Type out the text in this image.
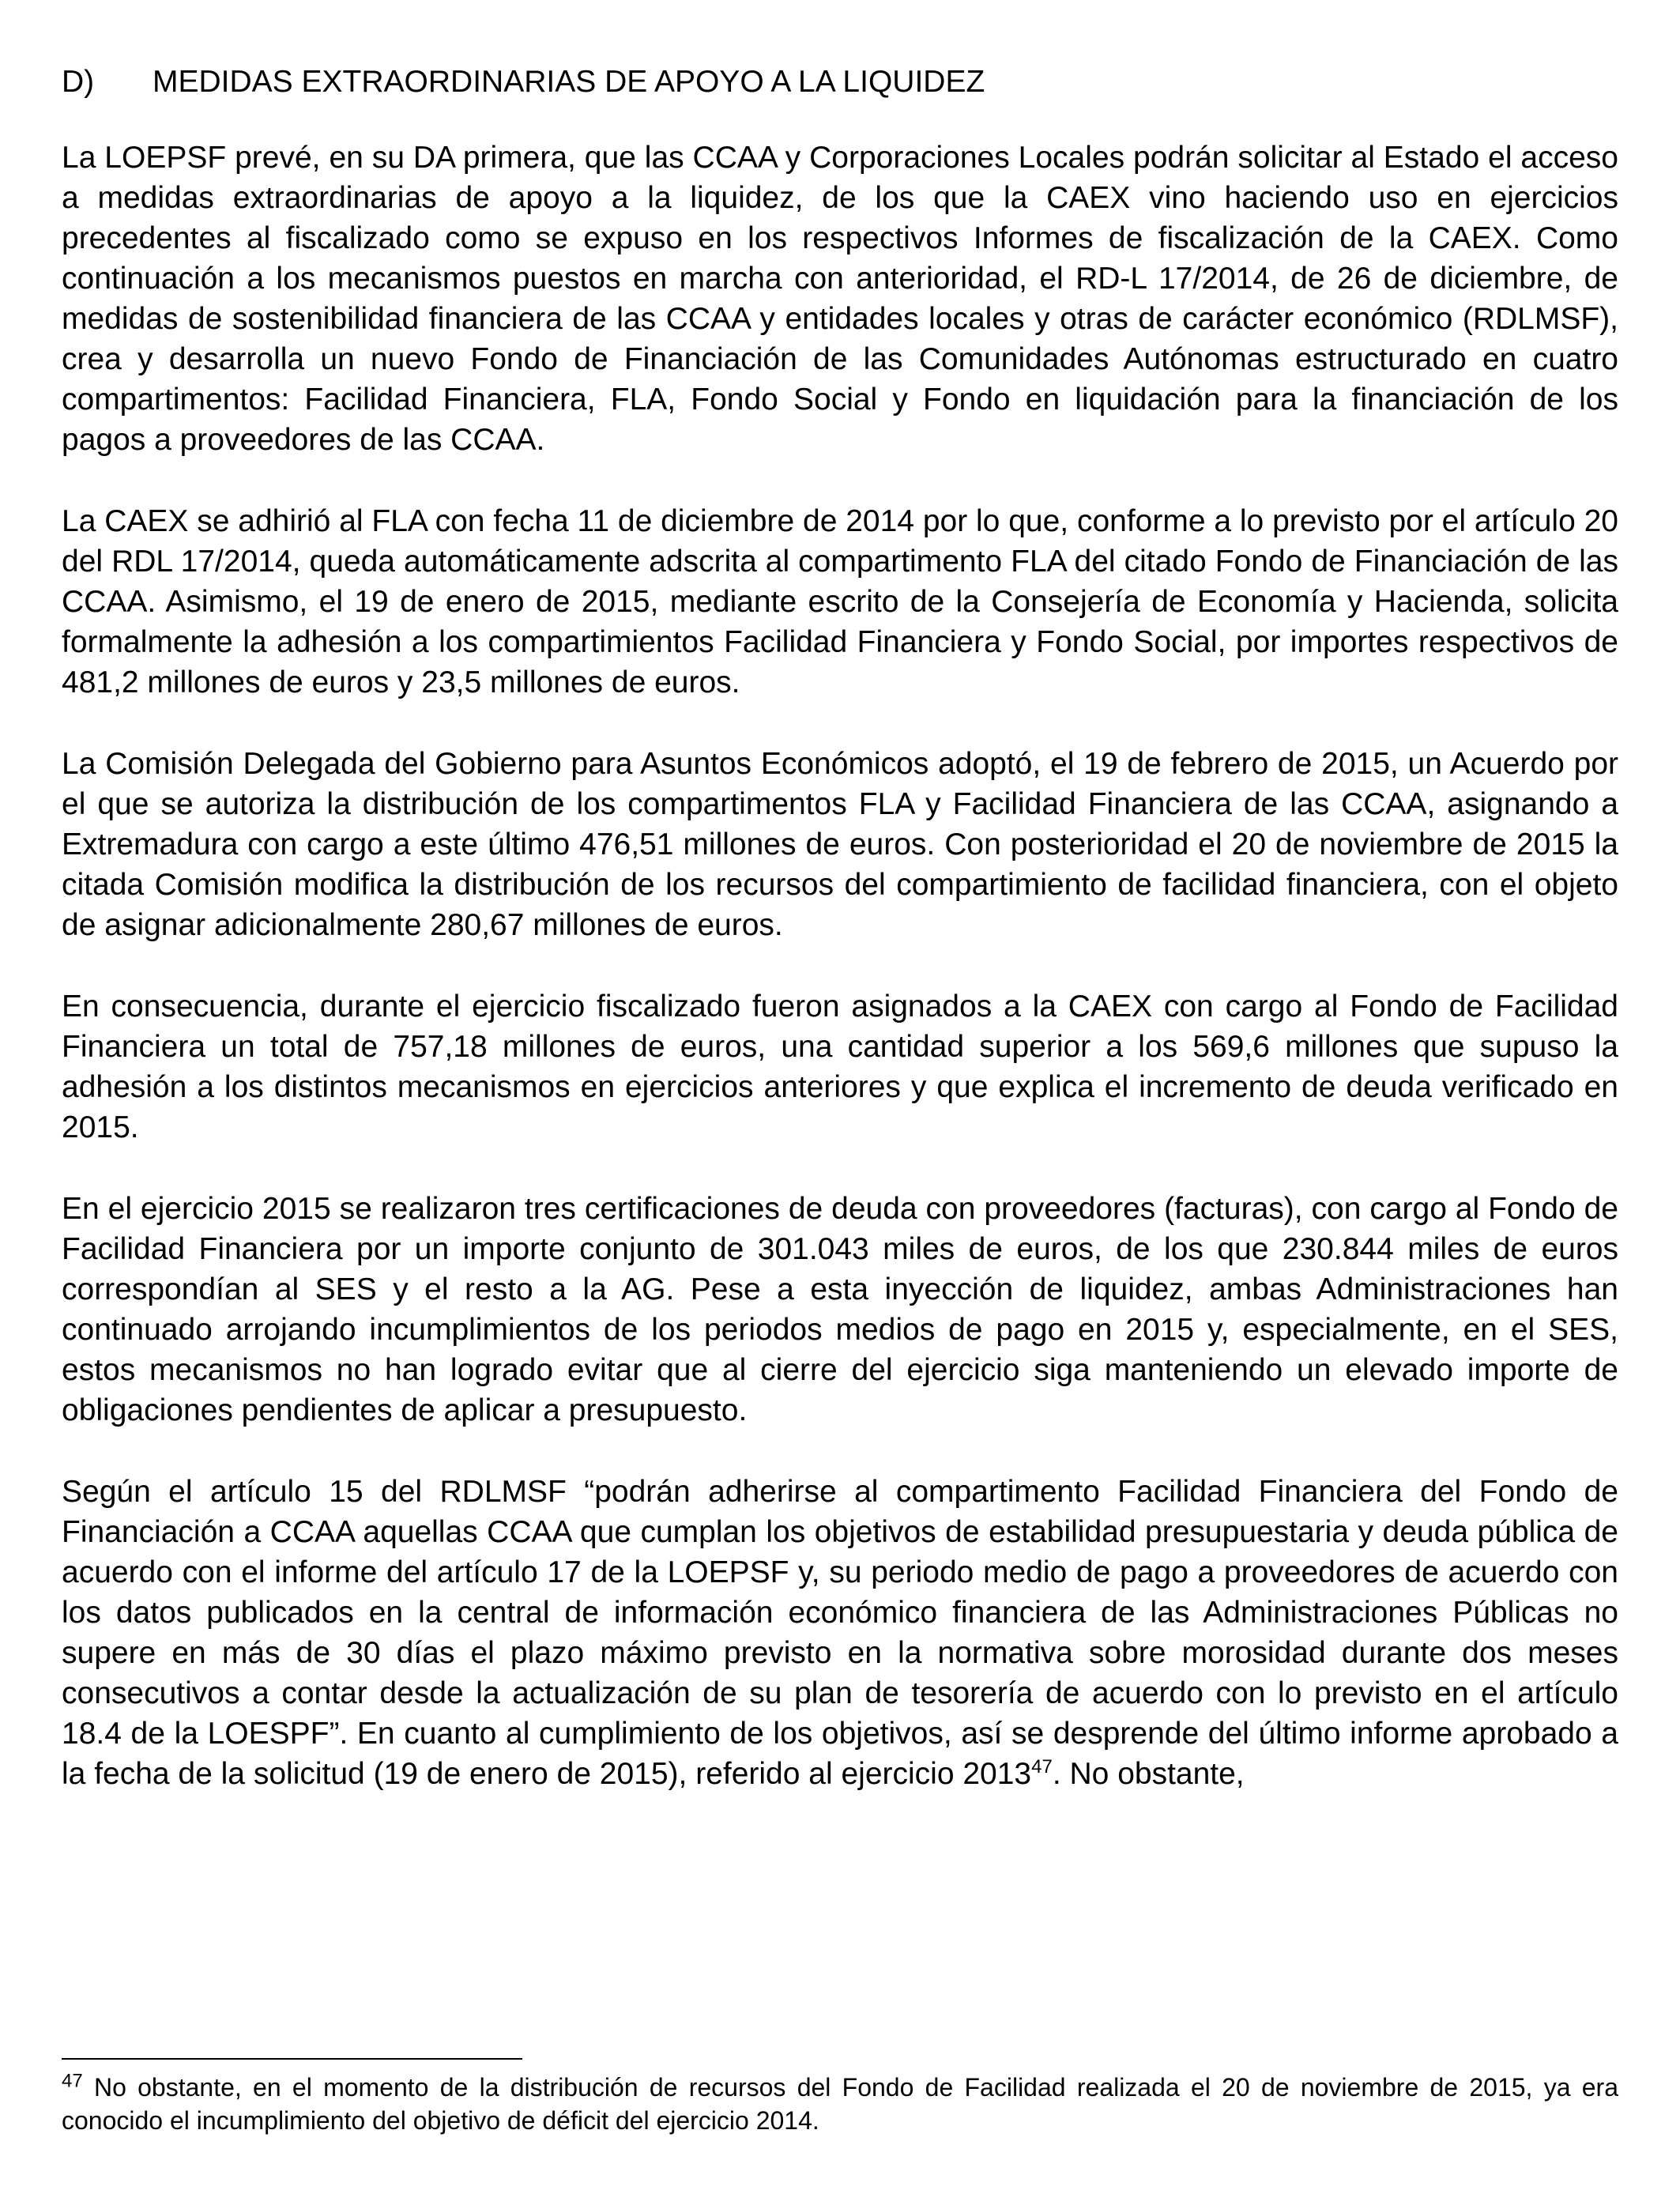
D)	MEDIDAS EXTRAORDINARIAS DE APOYO A LA LIQUIDEZ

La LOEPSF prevé, en su DA primera, que las CCAA y Corporaciones Locales podrán solicitar al Estado el acceso a medidas extraordinarias de apoyo a la liquidez, de los que la CAEX vino haciendo uso en ejercicios precedentes al fiscalizado como se expuso en los respectivos Informes de fiscalización de la CAEX. Como continuación a los mecanismos puestos en marcha con anterioridad, el RD-L 17/2014, de 26 de diciembre, de medidas de sostenibilidad financiera de las CCAA y entidades locales y otras de carácter económico (RDLMSF), crea y desarrolla un nuevo Fondo de Financiación de las Comunidades Autónomas estructurado en cuatro compartimentos: Facilidad Financiera, FLA, Fondo Social y Fondo en liquidación para la financiación de los pagos a proveedores de las CCAA.

La CAEX se adhirió al FLA con fecha 11 de diciembre de 2014 por lo que, conforme a lo previsto por el artículo 20 del RDL 17/2014, queda automáticamente adscrita al compartimento FLA del citado Fondo de Financiación de las CCAA. Asimismo, el 19 de enero de 2015, mediante escrito de la Consejería de Economía y Hacienda, solicita formalmente la adhesión a los compartimientos Facilidad Financiera y Fondo Social, por importes respectivos de 481,2 millones de euros y 23,5 millones de euros.

La Comisión Delegada del Gobierno para Asuntos Económicos adoptó, el 19 de febrero de 2015, un Acuerdo por el que se autoriza la distribución de los compartimentos FLA y Facilidad Financiera de las CCAA, asignando a Extremadura con cargo a este último 476,51 millones de euros. Con posterioridad el 20 de noviembre de 2015 la citada Comisión modifica la distribución de los recursos del compartimiento de facilidad financiera, con el objeto de asignar adicionalmente 280,67 millones de euros.

En consecuencia, durante el ejercicio fiscalizado fueron asignados a la CAEX con cargo al Fondo de Facilidad Financiera un total de 757,18 millones de euros, una cantidad superior a los 569,6 millones que supuso la adhesión a los distintos mecanismos en ejercicios anteriores y que explica el incremento de deuda verificado en 2015.

En el ejercicio 2015 se realizaron tres certificaciones de deuda con proveedores (facturas), con cargo al Fondo de Facilidad Financiera por un importe conjunto de 301.043 miles de euros, de los que 230.844 miles de euros correspondían al SES y el resto a la AG. Pese a esta inyección de liquidez, ambas Administraciones han continuado arrojando incumplimientos de los periodos medios de pago en 2015 y, especialmente, en el SES, estos mecanismos no han logrado evitar que al cierre del ejercicio siga manteniendo un elevado importe de obligaciones pendientes de aplicar a presupuesto.

Según el artículo 15 del RDLMSF “podrán adherirse al compartimento Facilidad Financiera del Fondo de Financiación a CCAA aquellas CCAA que cumplan los objetivos de estabilidad presupuestaria y deuda pública de acuerdo con el informe del artículo 17 de la LOEPSF y, su periodo medio de pago a proveedores de acuerdo con los datos publicados en la central de información económico financiera de las Administraciones Públicas no supere en más de 30 días el plazo máximo previsto en la normativa sobre morosidad durante dos meses consecutivos a contar desde la actualización de su plan de tesorería de acuerdo con lo previsto en el artículo 18.4 de la LOESPF”. En cuanto al cumplimiento de los objetivos, así se desprende del último informe aprobado a la fecha de la solicitud (19 de enero de 2015), referido al ejercicio 2013$^{47}$. No obstante,

$^{47}$ No obstante, en el momento de la distribución de recursos del Fondo de Facilidad realizada el 20 de noviembre de 2015, ya era conocido el incumplimiento del objetivo de déficit del ejercicio 2014.
